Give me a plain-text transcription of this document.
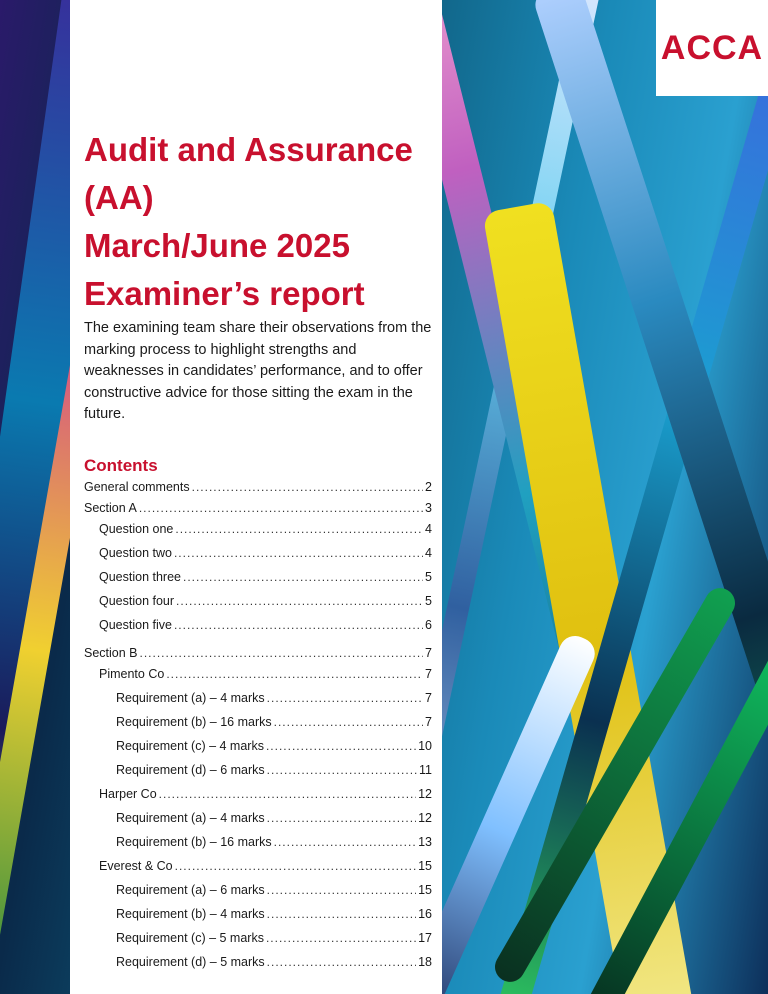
ACCA
Audit and Assurance
(AA)
March/June 2025
Examiner’s report

The examining team share their observations from the marking process to highlight strengths and weaknesses in candidates’ performance, and to offer constructive advice for those sitting the exam in the future.

Contents
General comments .....	2
Section A .....	3
Question one .....	4
Question two .....	4
Question three .....	5
Question four .....	5
Question five .....	6
Section B .....	7
Pimento Co .....	7
Requirement (a) – 4 marks .....	7
Requirement (b) – 16 marks .....	7
Requirement (c) – 4 marks .....	10
Requirement (d) – 6 marks .....	11
Harper Co .....	12
Requirement (a) – 4 marks .....	12
Requirement (b) – 16 marks .....	13
Everest & Co .....	15
Requirement (a) – 6 marks .....	15
Requirement (b) – 4 marks .....	16
Requirement (c) – 5 marks .....	17
Requirement (d) – 5 marks .....	18
